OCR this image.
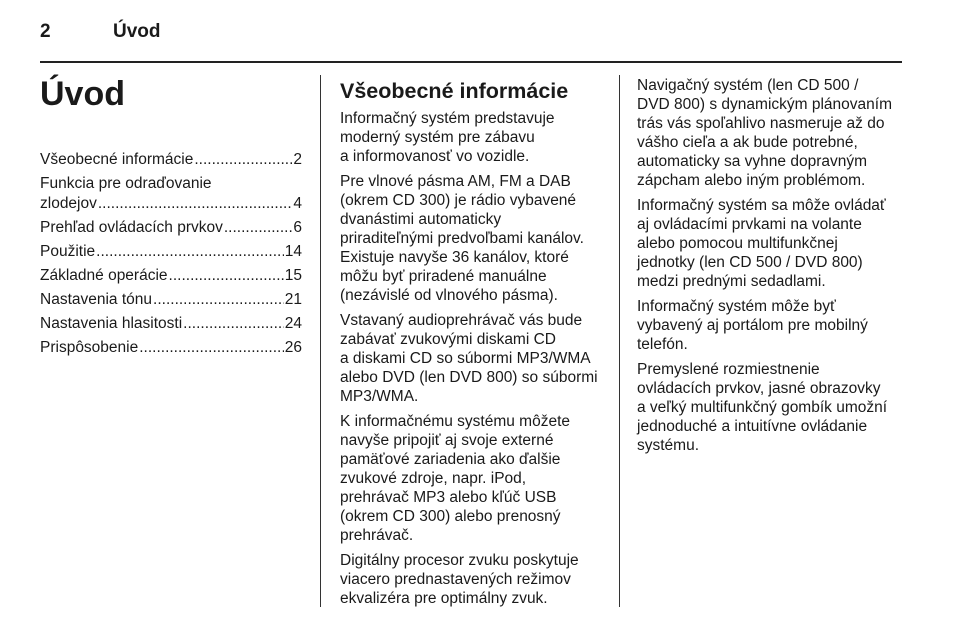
2	Úvod
Úvod
Všeobecné informácie .....	2
Funkcia pre odraďovanie
zlodejov .....	4
Prehľad ovládacích prvkov .....	6
Použitie .....	14
Základné operácie .....	15
Nastavenia tónu .....	21
Nastavenia hlasitosti .....	24
Prispôsobenie .....	26
Všeobecné informácie

Informačný systém predstavuje
moderný systém pre zábavu
a informovanosť vo vozidle.

Pre vlnové pásma AM, FM a DAB
(okrem CD 300) je rádio vybavené
dvanástimi automaticky
priraditeľnými predvoľbami kanálov.
Existuje navyše 36 kanálov, ktoré
môžu byť priradené manuálne
(nezávislé od vlnového pásma).

Vstavaný audioprehrávač vás bude
zabávať zvukovými diskami CD
a diskami CD so súbormi MP3/WMA
alebo DVD (len DVD 800) so súbormi
MP3/WMA.

K informačnému systému môžete
navyše pripojiť aj svoje externé
pamäťové zariadenia ako ďalšie
zvukové zdroje, napr. iPod,
prehrávač MP3 alebo kľúč USB
(okrem CD 300) alebo prenosný
prehrávač.

Digitálny procesor zvuku poskytuje
viacero prednastavených režimov
ekvalizéra pre optimálny zvuk.

Navigačný systém (len CD 500 /
DVD 800) s dynamickým plánovaním
trás vás spoľahlivo nasmeruje až do
vášho cieľa a ak bude potrebné,
automaticky sa vyhne dopravným
zápcham alebo iným problémom.

Informačný systém sa môže ovládať
aj ovládacími prvkami na volante
alebo pomocou multifunkčnej
jednotky (len CD 500 / DVD 800)
medzi prednými sedadlami.

Informačný systém môže byť
vybavený aj portálom pre mobilný
telefón.

Premyslené rozmiestnenie
ovládacích prvkov, jasné obrazovky
a veľký multifunkčný gombík umožní
jednoduché a intuitívne ovládanie
systému.
